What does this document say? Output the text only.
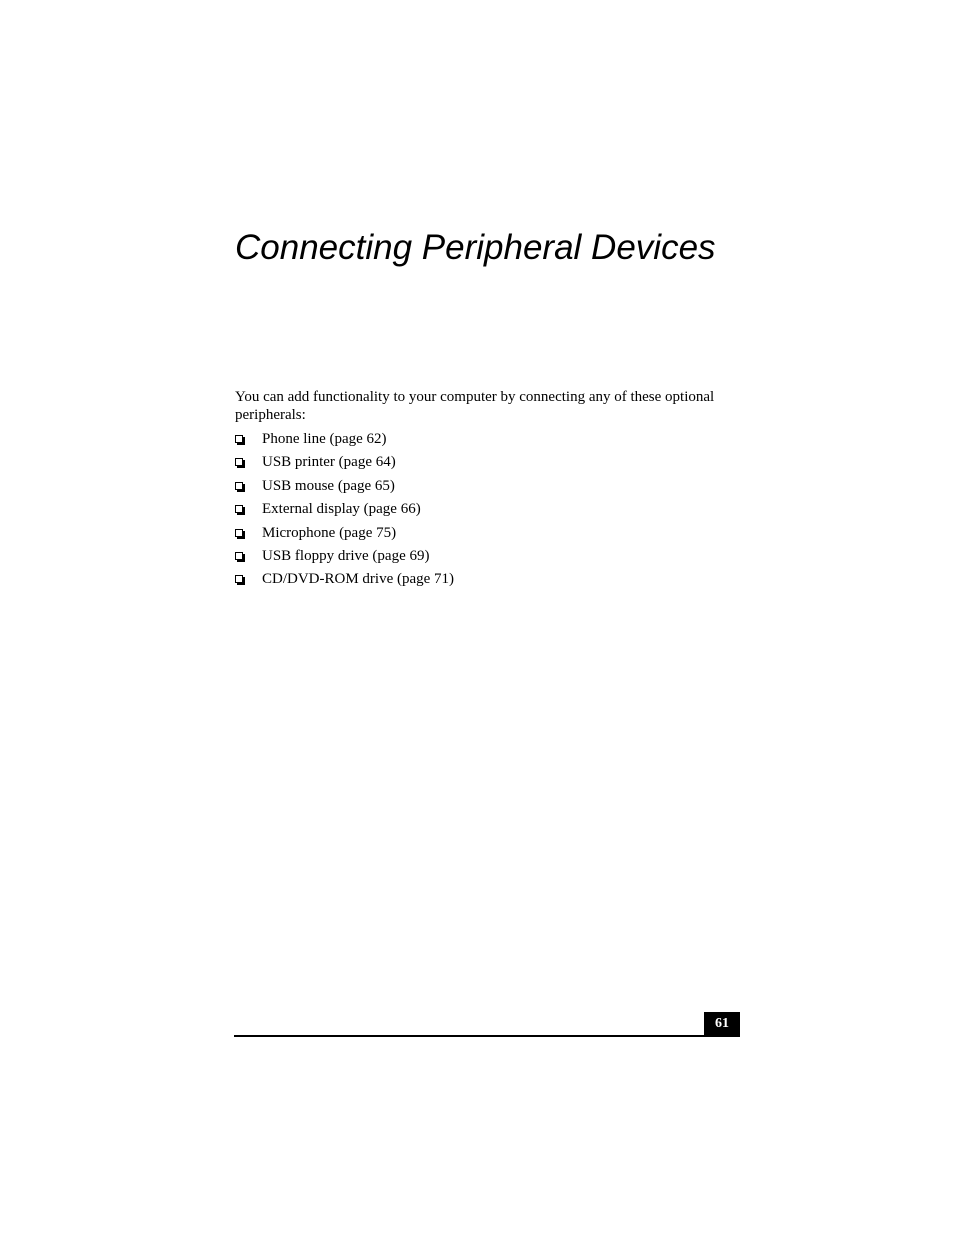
Connecting Peripheral Devices

You can add functionality to your computer by connecting any of these optional peripherals:

Phone line (page 62)
USB printer (page 64)
USB mouse (page 65)
External display (page 66)
Microphone (page 75)
USB floppy drive (page 69)
CD/DVD-ROM drive (page 71)
61
